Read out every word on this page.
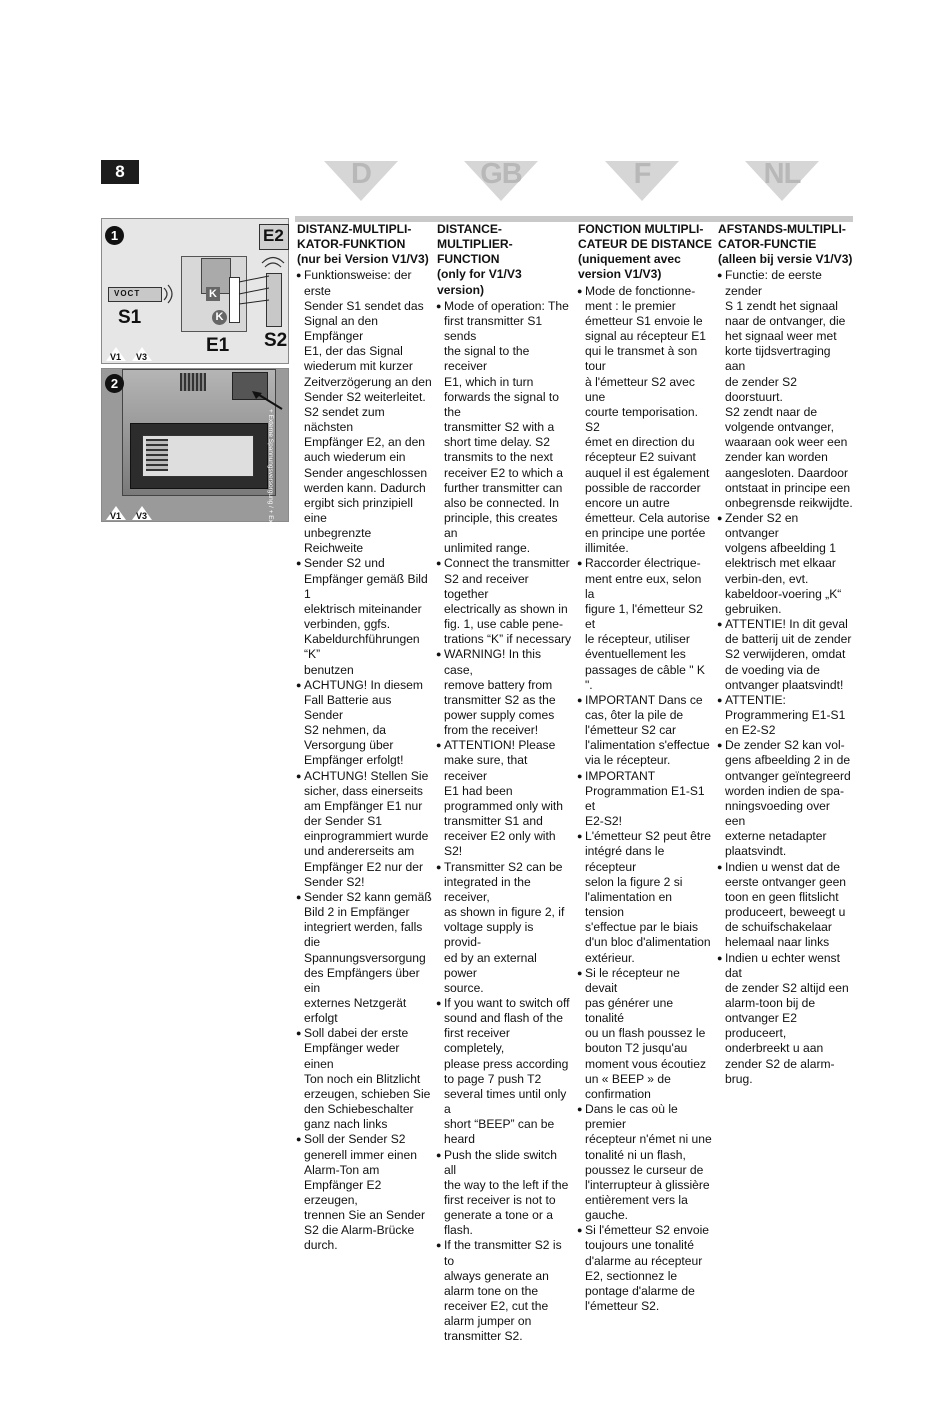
8	D	GB	F	NL
1	E2
VOCT
S1
K
K
E1 S2
V1 V3
2
+ Externe Spannungsversorgung / + External power supply
V1 V3
DISTANZ-MULTIPLI-
KATOR-FUNKTION
(nur bei Version V1/V3)
● Funktionsweise: der erste
Sender S1 sendet das
Signal an den Empfänger
E1, der das Signal
wiederum mit kurzer
Zeitverzögerung an den
Sender S2 weiterleitet.
S2 sendet zum nächsten
Empfänger E2, an den
auch wiederum ein
Sender angeschlossen
werden kann. Dadurch
ergibt sich prinzipiell eine
unbegrenzte Reichweite
● Sender S2 und
Empfänger gemäß Bild 1
elektrisch miteinander
verbinden, ggfs.
Kabeldurchführungen “K”
benutzen
● ACHTUNG! In diesem
Fall Batterie aus Sender
S2 nehmen, da
Versorgung über
Empfänger erfolgt!
● ACHTUNG! Stellen Sie
sicher, dass einerseits
am Empfänger E1 nur
der Sender S1
einprogrammiert wurde
und andererseits am
Empfänger E2 nur der
Sender S2!
● Sender S2 kann gemäß
Bild 2 in Empfänger
integriert werden, falls
die Spannungsversorgung
des Empfängers über ein
externes Netzgerät
erfolgt
● Soll dabei der erste
Empfänger weder einen
Ton noch ein Blitzlicht
erzeugen, schieben Sie
den Schiebeschalter
ganz nach links
● Soll der Sender S2
generell immer einen
Alarm-Ton am
Empfänger E2 erzeugen,
trennen Sie an Sender
S2 die Alarm-Brücke
durch.
DISTANCE-MULTIPLIER-
FUNCTION
(only for V1/V3 version)
● Mode of operation: The
first transmitter S1 sends
the signal to the receiver
E1, which in turn
forwards the signal to the
transmitter S2 with a
short time delay. S2
transmits to the next
receiver E2 to which a
further transmitter can
also be connected. In
principle, this creates an
unlimited range.
● Connect the transmitter
S2 and receiver together
electrically as shown in
fig. 1, use cable pene-
trations “K” if necessary
● WARNING! In this case,
remove battery from
transmitter S2 as the
power supply comes
from the receiver!
● ATTENTION! Please
make sure, that receiver
E1 had been
programmed only with
transmitter S1 and
receiver E2 only with S2!
● Transmitter S2 can be
integrated in the receiver,
as shown in figure 2, if
voltage supply is provid-
ed by an external power
source.
● If you want to switch off
sound and flash of the
first receiver completely,
please press according
to page 7 push T2
several times until only a
short “BEEP” can be
heard
● Push the slide switch all
the way to the left if the
first receiver is not to
generate a tone or a
flash.
● If the transmitter S2 is to
always generate an
alarm tone on the
receiver E2, cut the
alarm jumper on
transmitter S2.
FONCTION MULTIPLI-
CATEUR DE DISTANCE
(uniquement avec
version V1/V3)
● Mode de fonctionne-
ment : le premier
émetteur S1 envoie le
signal au récepteur E1
qui le transmet à son tour
à l'émetteur S2 avec une
courte temporisation. S2
émet en direction du
récepteur E2 suivant
auquel il est également
possible de raccorder
encore un autre
émetteur. Cela autorise
en principe une portée
illimitée.
● Raccorder électrique-
ment entre eux, selon la
figure 1, l'émetteur S2 et
le récepteur, utiliser
éventuellement les
passages de câble " K ".
● IMPORTANT Dans ce
cas, ôter la pile de
l'émetteur S2 car
l'alimentation s'effectue
via le récepteur.
● IMPORTANT
Programmation E1-S1 et
E2-S2!
● L'émetteur S2 peut être
intégré dans le récepteur
selon la figure 2 si
l'alimentation en tension
s'effectue par le biais
d'un bloc d'alimentation
extérieur.
● Si le récepteur ne devait
pas générer une tonalité
ou un flash poussez le
bouton T2 jusqu'au
moment vous écoutiez
un « BEEP » de
confirmation
● Dans le cas où le premier
récepteur n'émet ni une
tonalité ni un flash,
poussez le curseur de
l'interrupteur à glissière
entièrement vers la
gauche.
● Si l'émetteur S2 envoie
toujours une tonalité
d'alarme au récepteur
E2, sectionnez le
pontage d'alarme de
l'émetteur S2.
AFSTANDS-MULTIPLI-
CATOR-FUNCTIE
(alleen bij versie V1/V3)
● Functie: de eerste zender
S 1 zendt het signaal
naar de ontvanger, die
het signaal weer met
korte tijdsvertraging aan
de zender S2 doorstuurt.
S2 zendt naar de
volgende ontvanger,
waaraan ook weer een
zender kan worden
aangesloten. Daardoor
ontstaat in principe een
onbegrensde reikwijdte.
● Zender S2 en ontvanger
volgens afbeelding 1
elektrisch met elkaar
verbin-den, evt.
kabeldoor-voering „K“
gebruiken.
● ATTENTIE! In dit geval
de batterij uit de zender
S2 verwijderen, omdat
de voeding via de
ontvanger plaatsvindt!
● ATTENTIE:
Programmering E1-S1
en E2-S2
● De zender S2 kan vol-
gens afbeelding 2 in de
ontvanger geïntegreerd
worden indien de spa-
nningsvoeding over een
externe netadapter
plaatsvindt.
● Indien u wenst dat de
eerste ontvanger geen
toon en geen flitslicht
produceert, beweegt u
de schuifschakelaar
helemaal naar links
● Indien u echter wenst dat
de zender S2 altijd een
alarm-toon bij de
ontvanger E2 produceert,
onderbreekt u aan
zender S2 de alarm-
brug.
